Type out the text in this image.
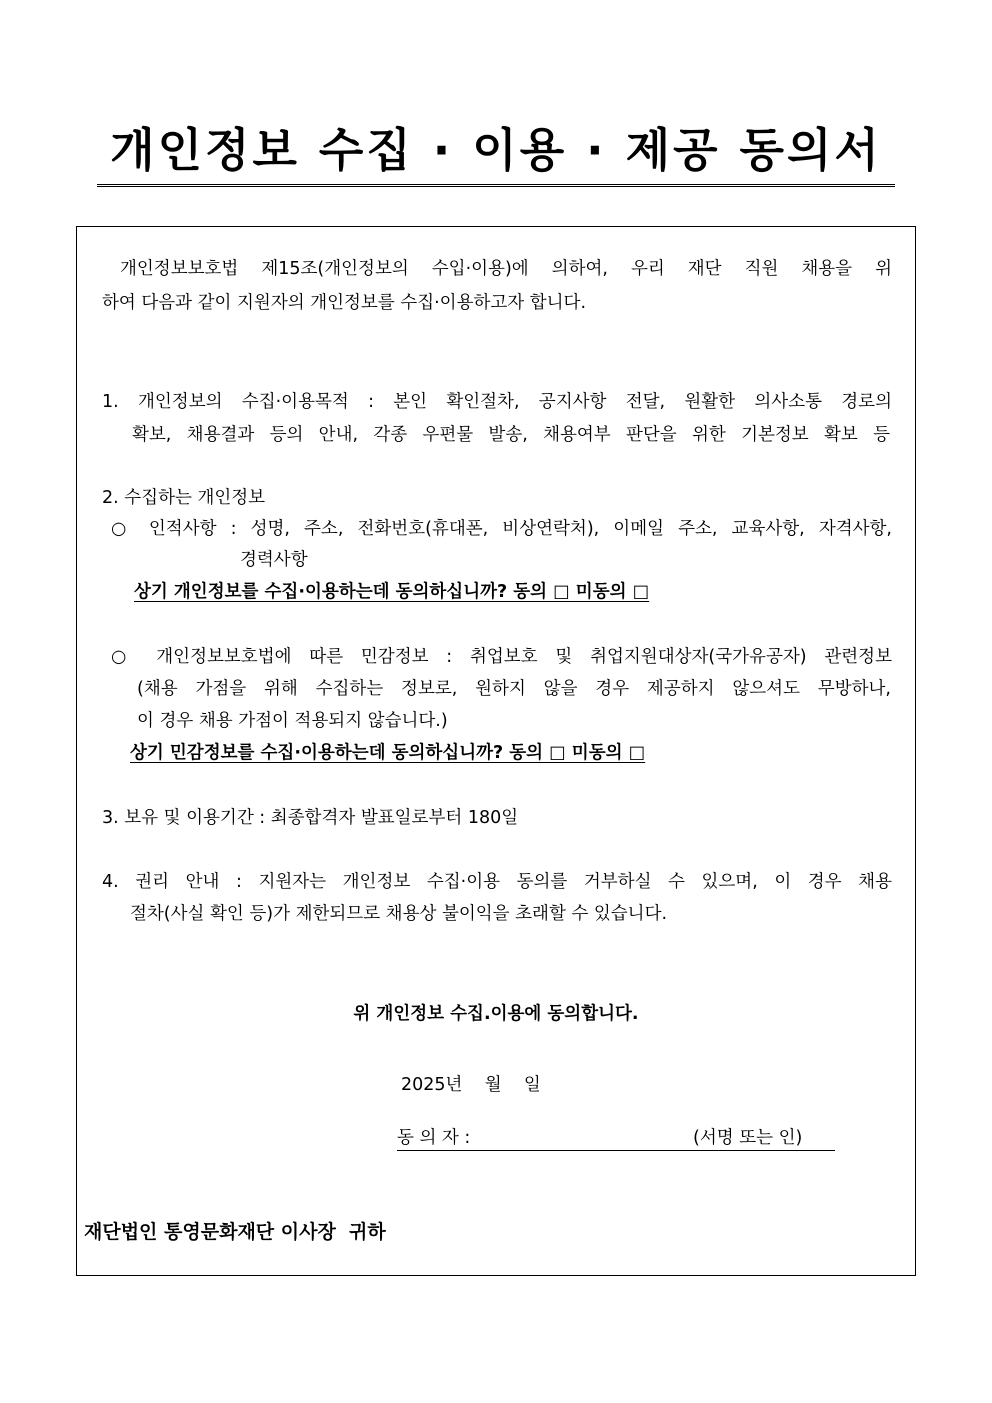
개인정보 수집 · 이용 · 제공 동의서
개인정보보호법 제15조(개인정보의 수입·이용)에 의하여, 우리 재단 직원 채용을 위
하여 다음과 같이 지원자의 개인정보를 수집·이용하고자 합니다.
1. 개인정보의 수집·이용목적 : 본인 확인절차, 공지사항 전달, 원활한 의사소통 경로의
확보, 채용결과 등의 안내, 각종 우편물 발송, 채용여부 판단을 위한 기본정보 확보 등
2. 수집하는 개인정보
○ 인적사항 : 성명, 주소, 전화번호(휴대폰, 비상연락처), 이메일 주소, 교육사항, 자격사항,
경력사항
상기 개인정보를 수집·이용하는데 동의하십니까? 동의 □ 미동의 □
○ 개인정보보호법에 따른 민감정보 : 취업보호 및 취업지원대상자(국가유공자) 관련정보
(채용 가점을 위해 수집하는 정보로, 원하지 않을 경우 제공하지 않으셔도 무방하나,
이 경우 채용 가점이 적용되지 않습니다.)
상기 민감정보를 수집·이용하는데 동의하십니까? 동의 □ 미동의 □
3. 보유 및 이용기간 : 최종합격자 발표일로부터 180일
4. 권리 안내 : 지원자는 개인정보 수집·이용 동의를 거부하실 수 있으며, 이 경우 채용
절차(사실 확인 등)가 제한되므로 채용상 불이익을 초래할 수 있습니다.
위 개인정보 수집.이용에 동의합니다.
2025년    월    일
동 의 자 :	(서명 또는 인)
재단법인 통영문화재단 이사장  귀하
